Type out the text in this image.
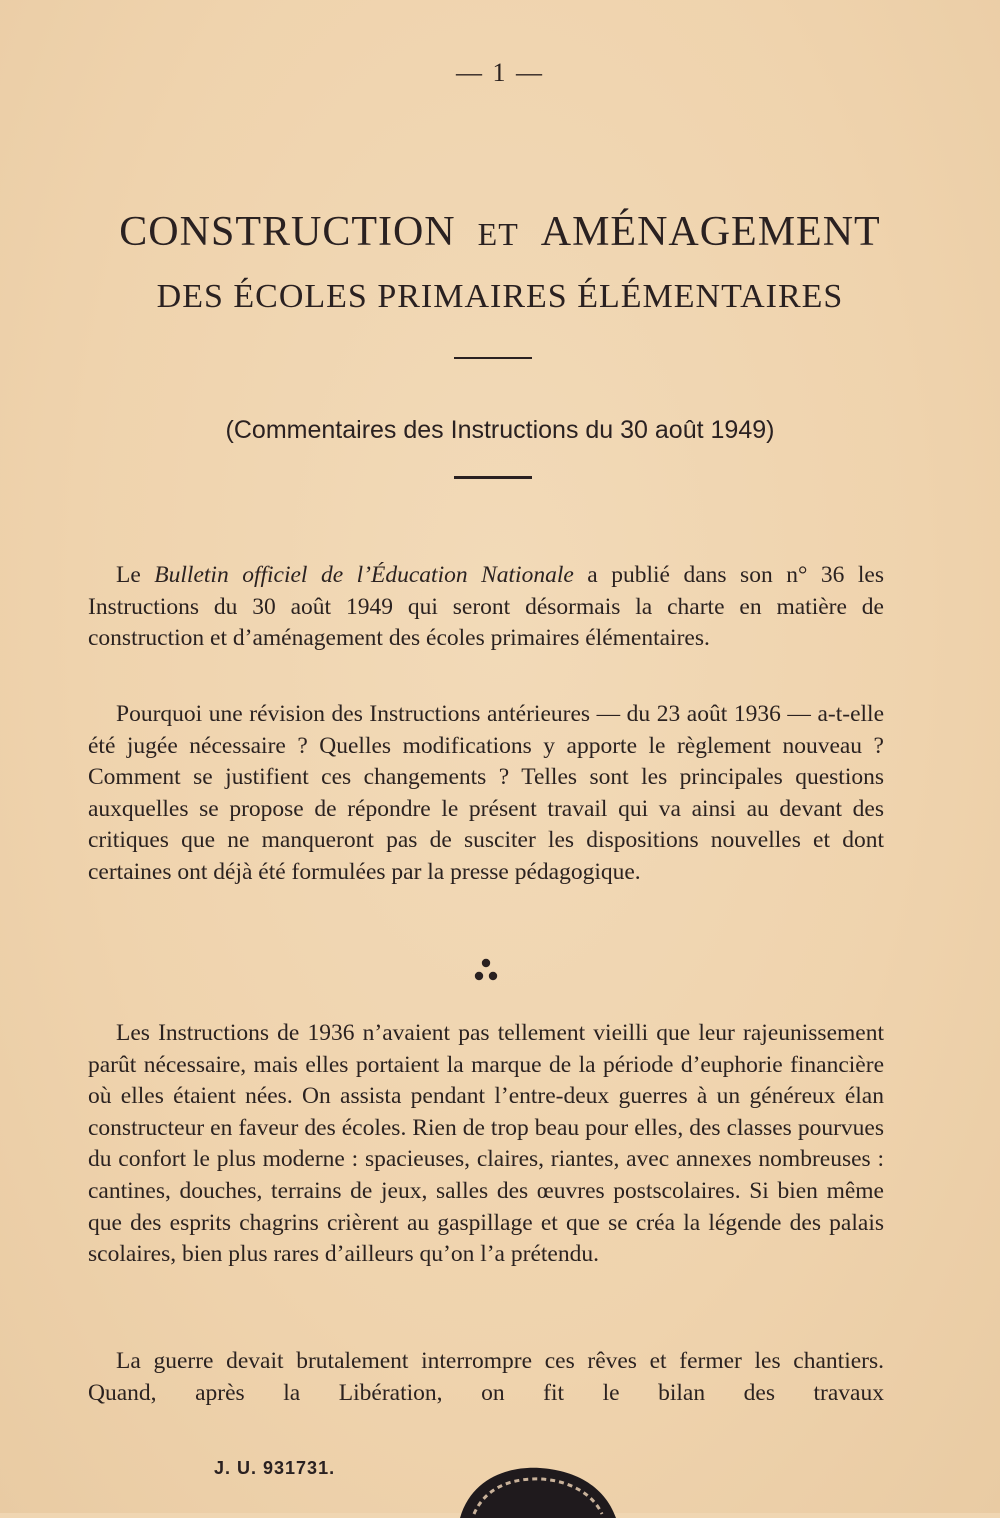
— 1 —
CONSTRUCTION ET AMÉNAGEMENT
DES ÉCOLES PRIMAIRES ÉLÉMENTAIRES
(Commentaires des Instructions du 30 août 1949)

Le Bulletin officiel de l’Éducation Nationale a publié dans son n° 36 les Instructions du 30 août 1949 qui seront désormais la charte en matière de construction et d’aménagement des écoles primaires élémentaires.

Pourquoi une révision des Instructions antérieures — du 23 août 1936 — a-t-elle été jugée nécessaire ? Quelles modifications y apporte le règlement nouveau ? Comment se justifient ces changements ? Telles sont les principales questions auxquelles se propose de répondre le présent travail qui va ainsi au devant des critiques que ne manqueront pas de susciter les dispositions nouvelles et dont certaines ont déjà été formulées par la presse pédagogique.

Les Instructions de 1936 n’avaient pas tellement vieilli que leur rajeunissement parût nécessaire, mais elles portaient la marque de la période d’euphorie financière où elles étaient nées. On assista pendant l’entre-deux guerres à un généreux élan constructeur en faveur des écoles. Rien de trop beau pour elles, des classes pourvues du confort le plus moderne : spacieuses, claires, riantes, avec annexes nombreuses : cantines, douches, terrains de jeux, salles des œuvres postscolaires. Si bien même que des esprits chagrins crièrent au gaspillage et que se créa la légende des palais scolaires, bien plus rares d’ailleurs qu’on l’a prétendu.

La guerre devait brutalement interrompre ces rêves et fermer les chantiers. Quand, après la Libération, on fit le bilan des travaux

J. U. 931731.
